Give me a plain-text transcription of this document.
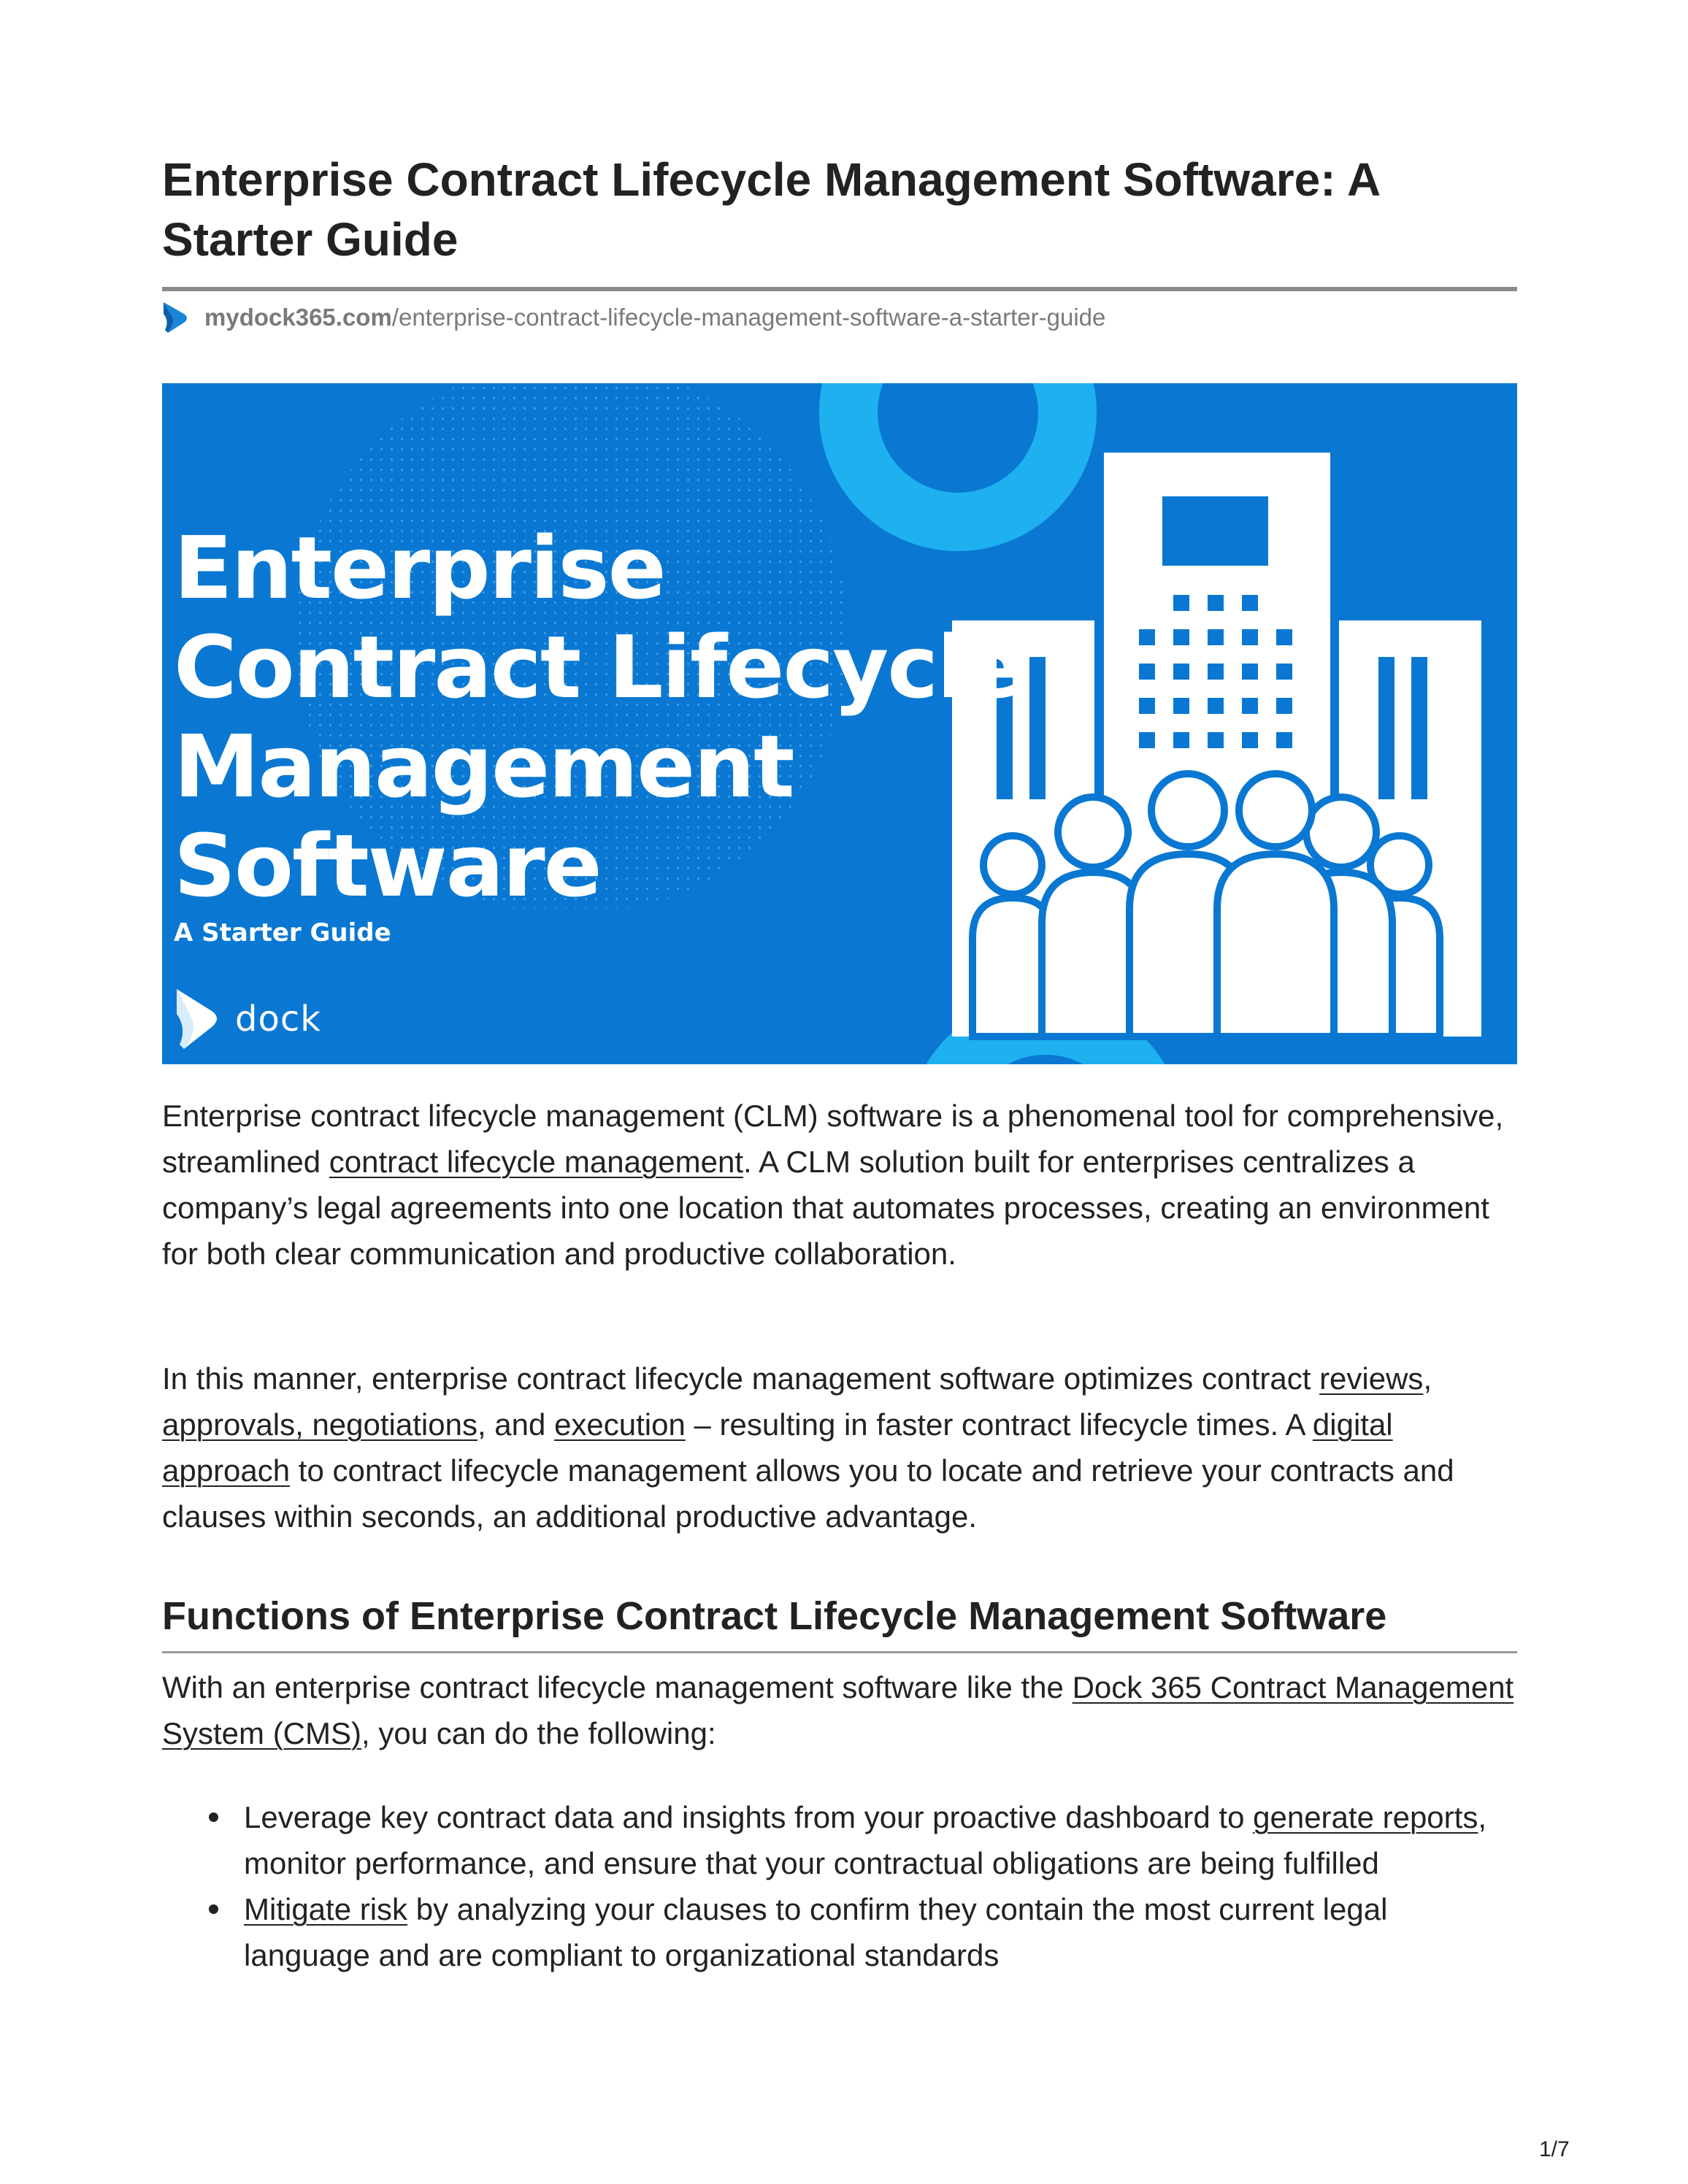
Enterprise Contract Lifecycle Management Software: A Starter Guide
mydock365.com/enterprise-contract-lifecycle-management-software-a-starter-guide
Enterprise
Contract Lifecycle
Management
Software
A Starter Guide
dock

Enterprise contract lifecycle management (CLM) software is a phenomenal tool for comprehensive, streamlined contract lifecycle management. A CLM solution built for enterprises centralizes a company’s legal agreements into one location that automates processes, creating an environment for both clear communication and productive collaboration.

In this manner, enterprise contract lifecycle management software optimizes contract reviews, approvals, negotiations, and execution – resulting in faster contract lifecycle times. A digital approach to contract lifecycle management allows you to locate and retrieve your contracts and clauses within seconds, an additional productive advantage.

Functions of Enterprise Contract Lifecycle Management Software

With an enterprise contract lifecycle management software like the Dock 365 Contract Management System (CMS), you can do the following:

Leverage key contract data and insights from your proactive dashboard to generate reports, monitor performance, and ensure that your contractual obligations are being fulfilled
Mitigate risk by analyzing your clauses to confirm they contain the most current legal language and are compliant to organizational standards
1/7
